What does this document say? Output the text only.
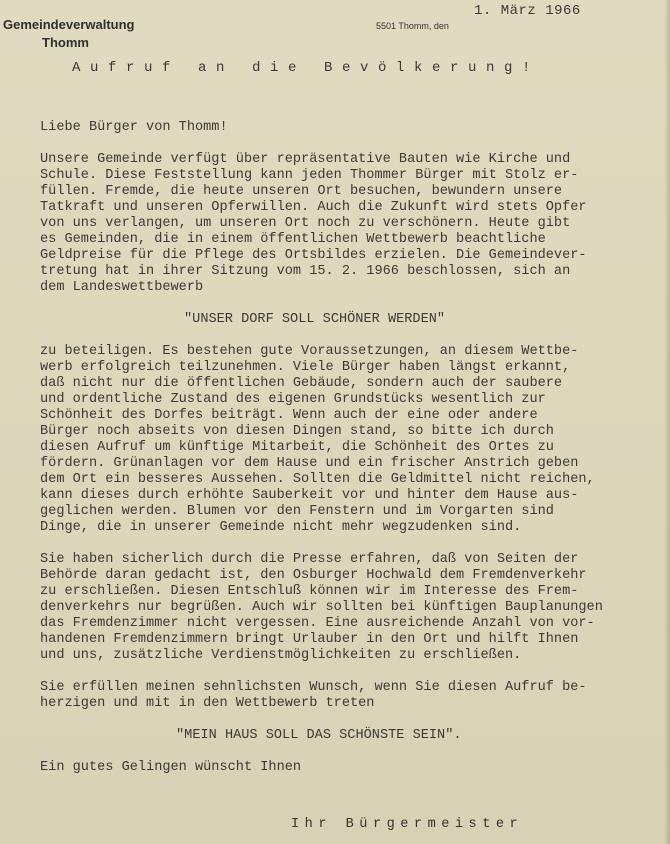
Gemeindeverwaltung
Thomm
5501 Thomm, den
1. März 1966
Aufruf an die Bevölkerung!

Liebe Bürger von Thomm!

Unsere Gemeinde verfügt über repräsentative Bauten wie Kirche und

Schule. Diese Feststellung kann jeden Thommer Bürger mit Stolz er-

füllen. Fremde, die heute unseren Ort besuchen, bewundern unsere

Tatkraft und unseren Opferwillen. Auch die Zukunft wird stets Opfer

von uns verlangen, um unseren Ort noch zu verschönern. Heute gibt

es Gemeinden, die in einem öffentlichen Wettbewerb beachtliche

Geldpreise für die Pflege des Ortsbildes erzielen. Die Gemeindever-

tretung hat in ihrer Sitzung vom 15. 2. 1966 beschlossen, sich an

dem Landeswettbewerb

"UNSER DORF SOLL SCHÖNER WERDEN"

zu beteiligen. Es bestehen gute Voraussetzungen, an diesem Wettbe-

werb erfolgreich teilzunehmen. Viele Bürger haben längst erkannt,

daß nicht nur die öffentlichen Gebäude, sondern auch der saubere

und ordentliche Zustand des eigenen Grundstücks wesentlich zur

Schönheit des Dorfes beiträgt. Wenn auch der eine oder andere

Bürger noch abseits von diesen Dingen stand, so bitte ich durch

diesen Aufruf um künftige Mitarbeit, die Schönheit des Ortes zu

fördern. Grünanlagen vor dem Hause und ein frischer Anstrich geben

dem Ort ein besseres Aussehen. Sollten die Geldmittel nicht reichen,

kann dieses durch erhöhte Sauberkeit vor und hinter dem Hause aus-

geglichen werden. Blumen vor den Fenstern und im Vorgarten sind

Dinge, die in unserer Gemeinde nicht mehr wegzudenken sind.

Sie haben sicherlich durch die Presse erfahren, daß von Seiten der

Behörde daran gedacht ist, den Osburger Hochwald dem Fremdenverkehr

zu erschließen. Diesen Entschluß können wir im Interesse des Frem-

denverkehrs nur begrüßen. Auch wir sollten bei künftigen Bauplanungen

das Fremdenzimmer nicht vergessen. Eine ausreichende Anzahl von vor-

handenen Fremdenzimmern bringt Urlauber in den Ort und hilft Ihnen

und uns, zusätzliche Verdienstmöglichkeiten zu erschließen.

Sie erfüllen meinen sehnlichsten Wunsch, wenn Sie diesen Aufruf be-

herzigen und mit in den Wettbewerb treten

"MEIN HAUS SOLL DAS SCHÖNSTE SEIN".

Ein gutes Gelingen wünscht Ihnen

Ihr Bürgermeister
